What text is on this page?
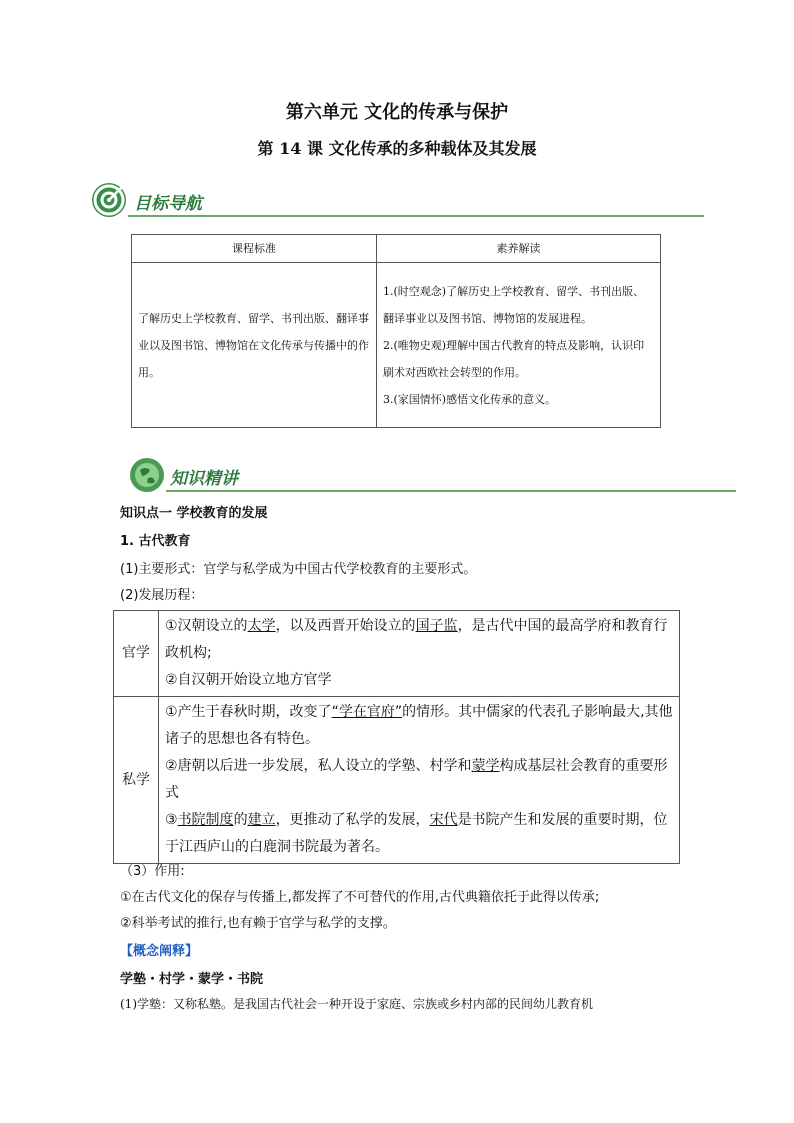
第六单元 文化的传承与保护
第 14 课 文化传承的多种载体及其发展
目标导航
课程标准	素养解读
了解历史上学校教育、留学、书刊出版、翻译事业以及图书馆、博物馆在文化传承与传播中的作用。	1.(时空观念)了解历史上学校教育、留学、书刊出版、翻译事业以及图书馆、博物馆的发展进程。
2.(唯物史观)理解中国古代教育的特点及影响，认识印刷术对西欧社会转型的作用。
3.(家国情怀)感悟文化传承的意义。
知识精讲
知识点一 学校教育的发展
1. 古代教育
(1)主要形式：官学与私学成为中国古代学校教育的主要形式。
(2)发展历程：
官学	①汉朝设立的太学，以及西晋开始设立的国子监，是古代中国的最高学府和教育行政机构;
②自汉朝开始设立地方官学

私学	①产生于春秋时期，改变了“学在官府”的情形。其中儒家的代表孔子影响最大,其他诸子的思想也各有特色。
②唐朝以后进一步发展，私人设立的学塾、村学和蒙学构成基层社会教育的重要形式
③书院制度的建立，更推动了私学的发展，宋代是书院产生和发展的重要时期，位于江西庐山的白鹿洞书院最为著名。
（3）作用:
①在古代文化的保存与传播上,都发挥了不可替代的作用,古代典籍依托于此得以传承;
②科举考试的推行,也有赖于官学与私学的支撑。
【概念阐释】
学塾・村学・蒙学・书院
(1)学塾：又称私塾。是我国古代社会一种开设于家庭、宗族或乡村内部的民间幼儿教育机
